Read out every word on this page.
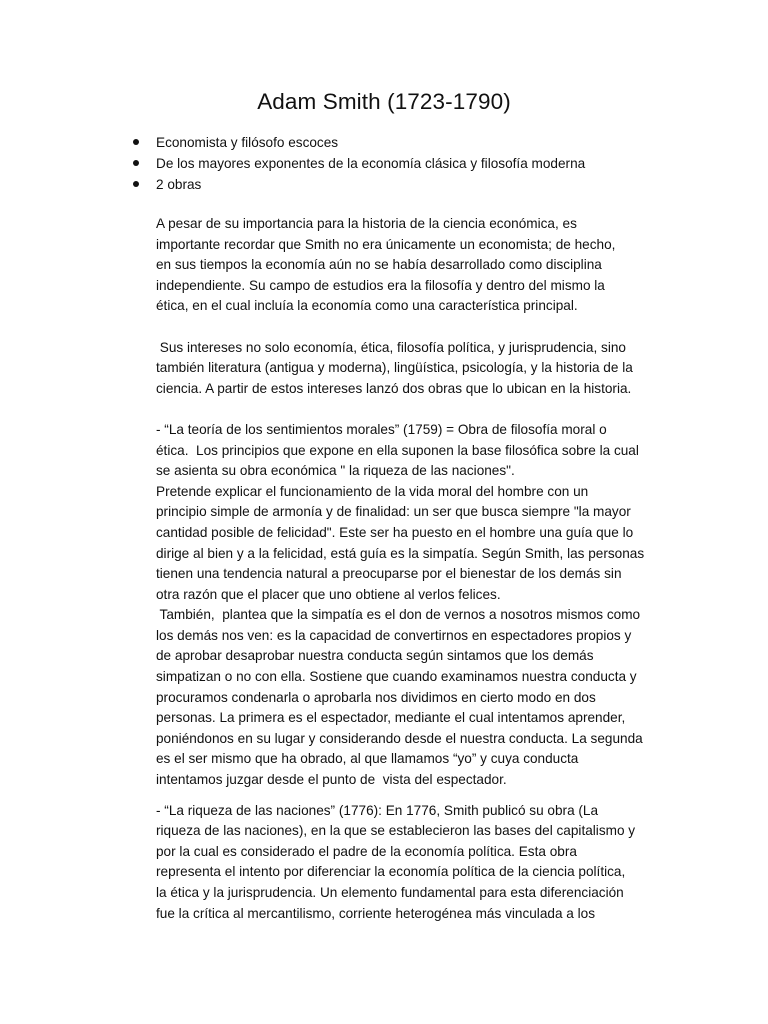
Adam Smith (1723-1790)
Economista y filósofo escoces
De los mayores exponentes de la economía clásica y filosofía moderna
2 obras

A pesar de su importancia para la historia de la ciencia económica, es

importante recordar que Smith no era únicamente un economista; de hecho,

en sus tiempos la economía aún no se había desarrollado como disciplina

independiente. Su campo de estudios era la filosofía y dentro del mismo la

ética, en el cual incluía la economía como una característica principal.

Sus intereses no solo economía, ética, filosofía política, y jurisprudencia, sino

también literatura (antigua y moderna), lingüística, psicología, y la historia de la

ciencia. A partir de estos intereses lanzó dos obras que lo ubican en la historia.

- “La teoría de los sentimientos morales” (1759) = Obra de filosofía moral o

ética.  Los principios que expone en ella suponen la base filosófica sobre la cual

se asienta su obra económica " la riqueza de las naciones".

Pretende explicar el funcionamiento de la vida moral del hombre con un

principio simple de armonía y de finalidad: un ser que busca siempre "la mayor

cantidad posible de felicidad". Este ser ha puesto en el hombre una guía que lo

dirige al bien y a la felicidad, está guía es la simpatía. Según Smith, las personas

tienen una tendencia natural a preocuparse por el bienestar de los demás sin

otra razón que el placer que uno obtiene al verlos felices.

También,  plantea que la simpatía es el don de vernos a nosotros mismos como

los demás nos ven: es la capacidad de convertirnos en espectadores propios y

de aprobar desaprobar nuestra conducta según sintamos que los demás

simpatizan o no con ella. Sostiene que cuando examinamos nuestra conducta y

procuramos condenarla o aprobarla nos dividimos en cierto modo en dos

personas. La primera es el espectador, mediante el cual intentamos aprender,

poniéndonos en su lugar y considerando desde el nuestra conducta. La segunda

es el ser mismo que ha obrado, al que llamamos “yo” y cuya conducta

intentamos juzgar desde el punto de  vista del espectador.

- “La riqueza de las naciones” (1776): En 1776, Smith publicó su obra (La

riqueza de las naciones), en la que se establecieron las bases del capitalismo y

por la cual es considerado el padre de la economía política. Esta obra

representa el intento por diferenciar la economía política de la ciencia política,

la ética y la jurisprudencia. Un elemento fundamental para esta diferenciación

fue la crítica al mercantilismo, corriente heterogénea más vinculada a los
